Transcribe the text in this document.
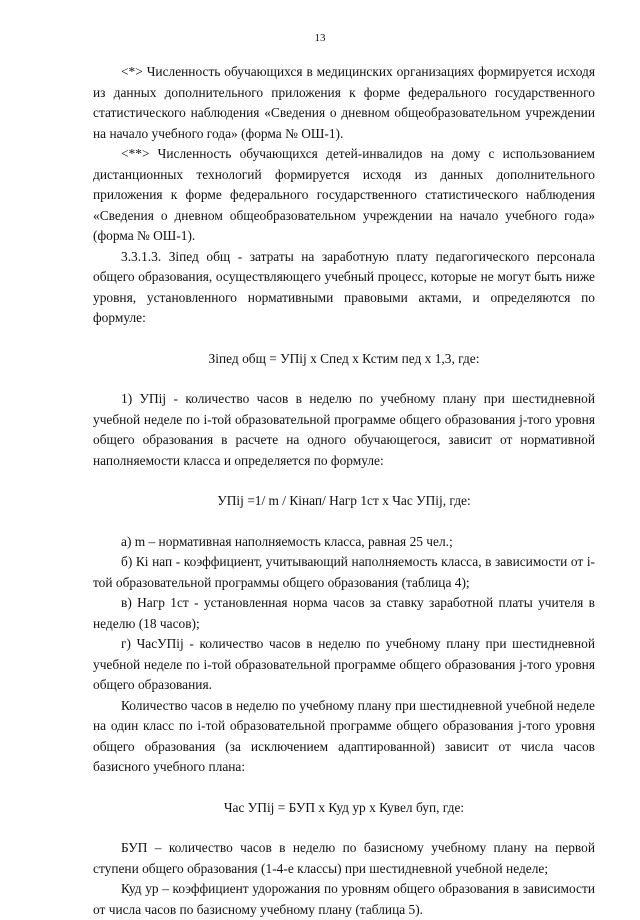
13

<*> Численность обучающихся в медицинских организациях формируется исходя из данных дополнительного приложения к форме федерального государственного статистического наблюдения «Сведения о дневном общеобразовательном учреждении на начало учебного года» (форма № ОШ-1).

<**> Численность обучающихся детей-инвалидов на дому с использованием дистанционных технологий формируется исходя из данных дополнительного приложения к форме федерального государственного статистического наблюдения «Сведения о дневном общеобразовательном учреждении на начало учебного года» (форма № ОШ-1).

3.3.1.3. Зiпед общ - затраты на заработную плату педагогического персонала общего образования, осуществляющего учебный процесс, которые не могут быть ниже уровня, установленного нормативными правовыми актами, и определяются по формуле:

Зiпед общ = УПij х Спед х Кстим пед х 1,3, где:

1) УПij - количество часов в неделю по учебному плану при шестидневной учебной неделе по i-той образовательной программе общего образования j-того уровня общего образования в расчете на одного обучающегося, зависит от нормативной наполняемости класса и определяется по формуле:

УПij =1/ m / Кiнап/ Нагр 1ст х Час УПij, где:

а) m – нормативная наполняемость класса, равная 25 чел.;

б) Кi нап - коэффициент, учитывающий наполняемость класса, в зависимости от i-той образовательной программы общего образования (таблица 4);

в) Нагр 1ст - установленная норма часов за ставку заработной платы учителя в неделю (18 часов);

г) ЧасУПij - количество часов в неделю по учебному плану при шестидневной учебной неделе по i-той образовательной программе общего образования j-того уровня общего образования.

Количество часов в неделю по учебному плану при шестидневной учебной неделе на один класс по i-той образовательной программе общего образования j-того уровня общего образования (за исключением адаптированной) зависит от числа часов базисного учебного плана:

Час УПij = БУП х Куд ур х Кувел буп, где:

БУП – количество часов в неделю по базисному учебному плану на первой ступени общего образования (1-4-е классы) при шестидневной учебной неделе;

Куд ур – коэффициент удорожания по уровням общего образования в зависимости от числа часов по базисному учебному плану (таблица 5).
